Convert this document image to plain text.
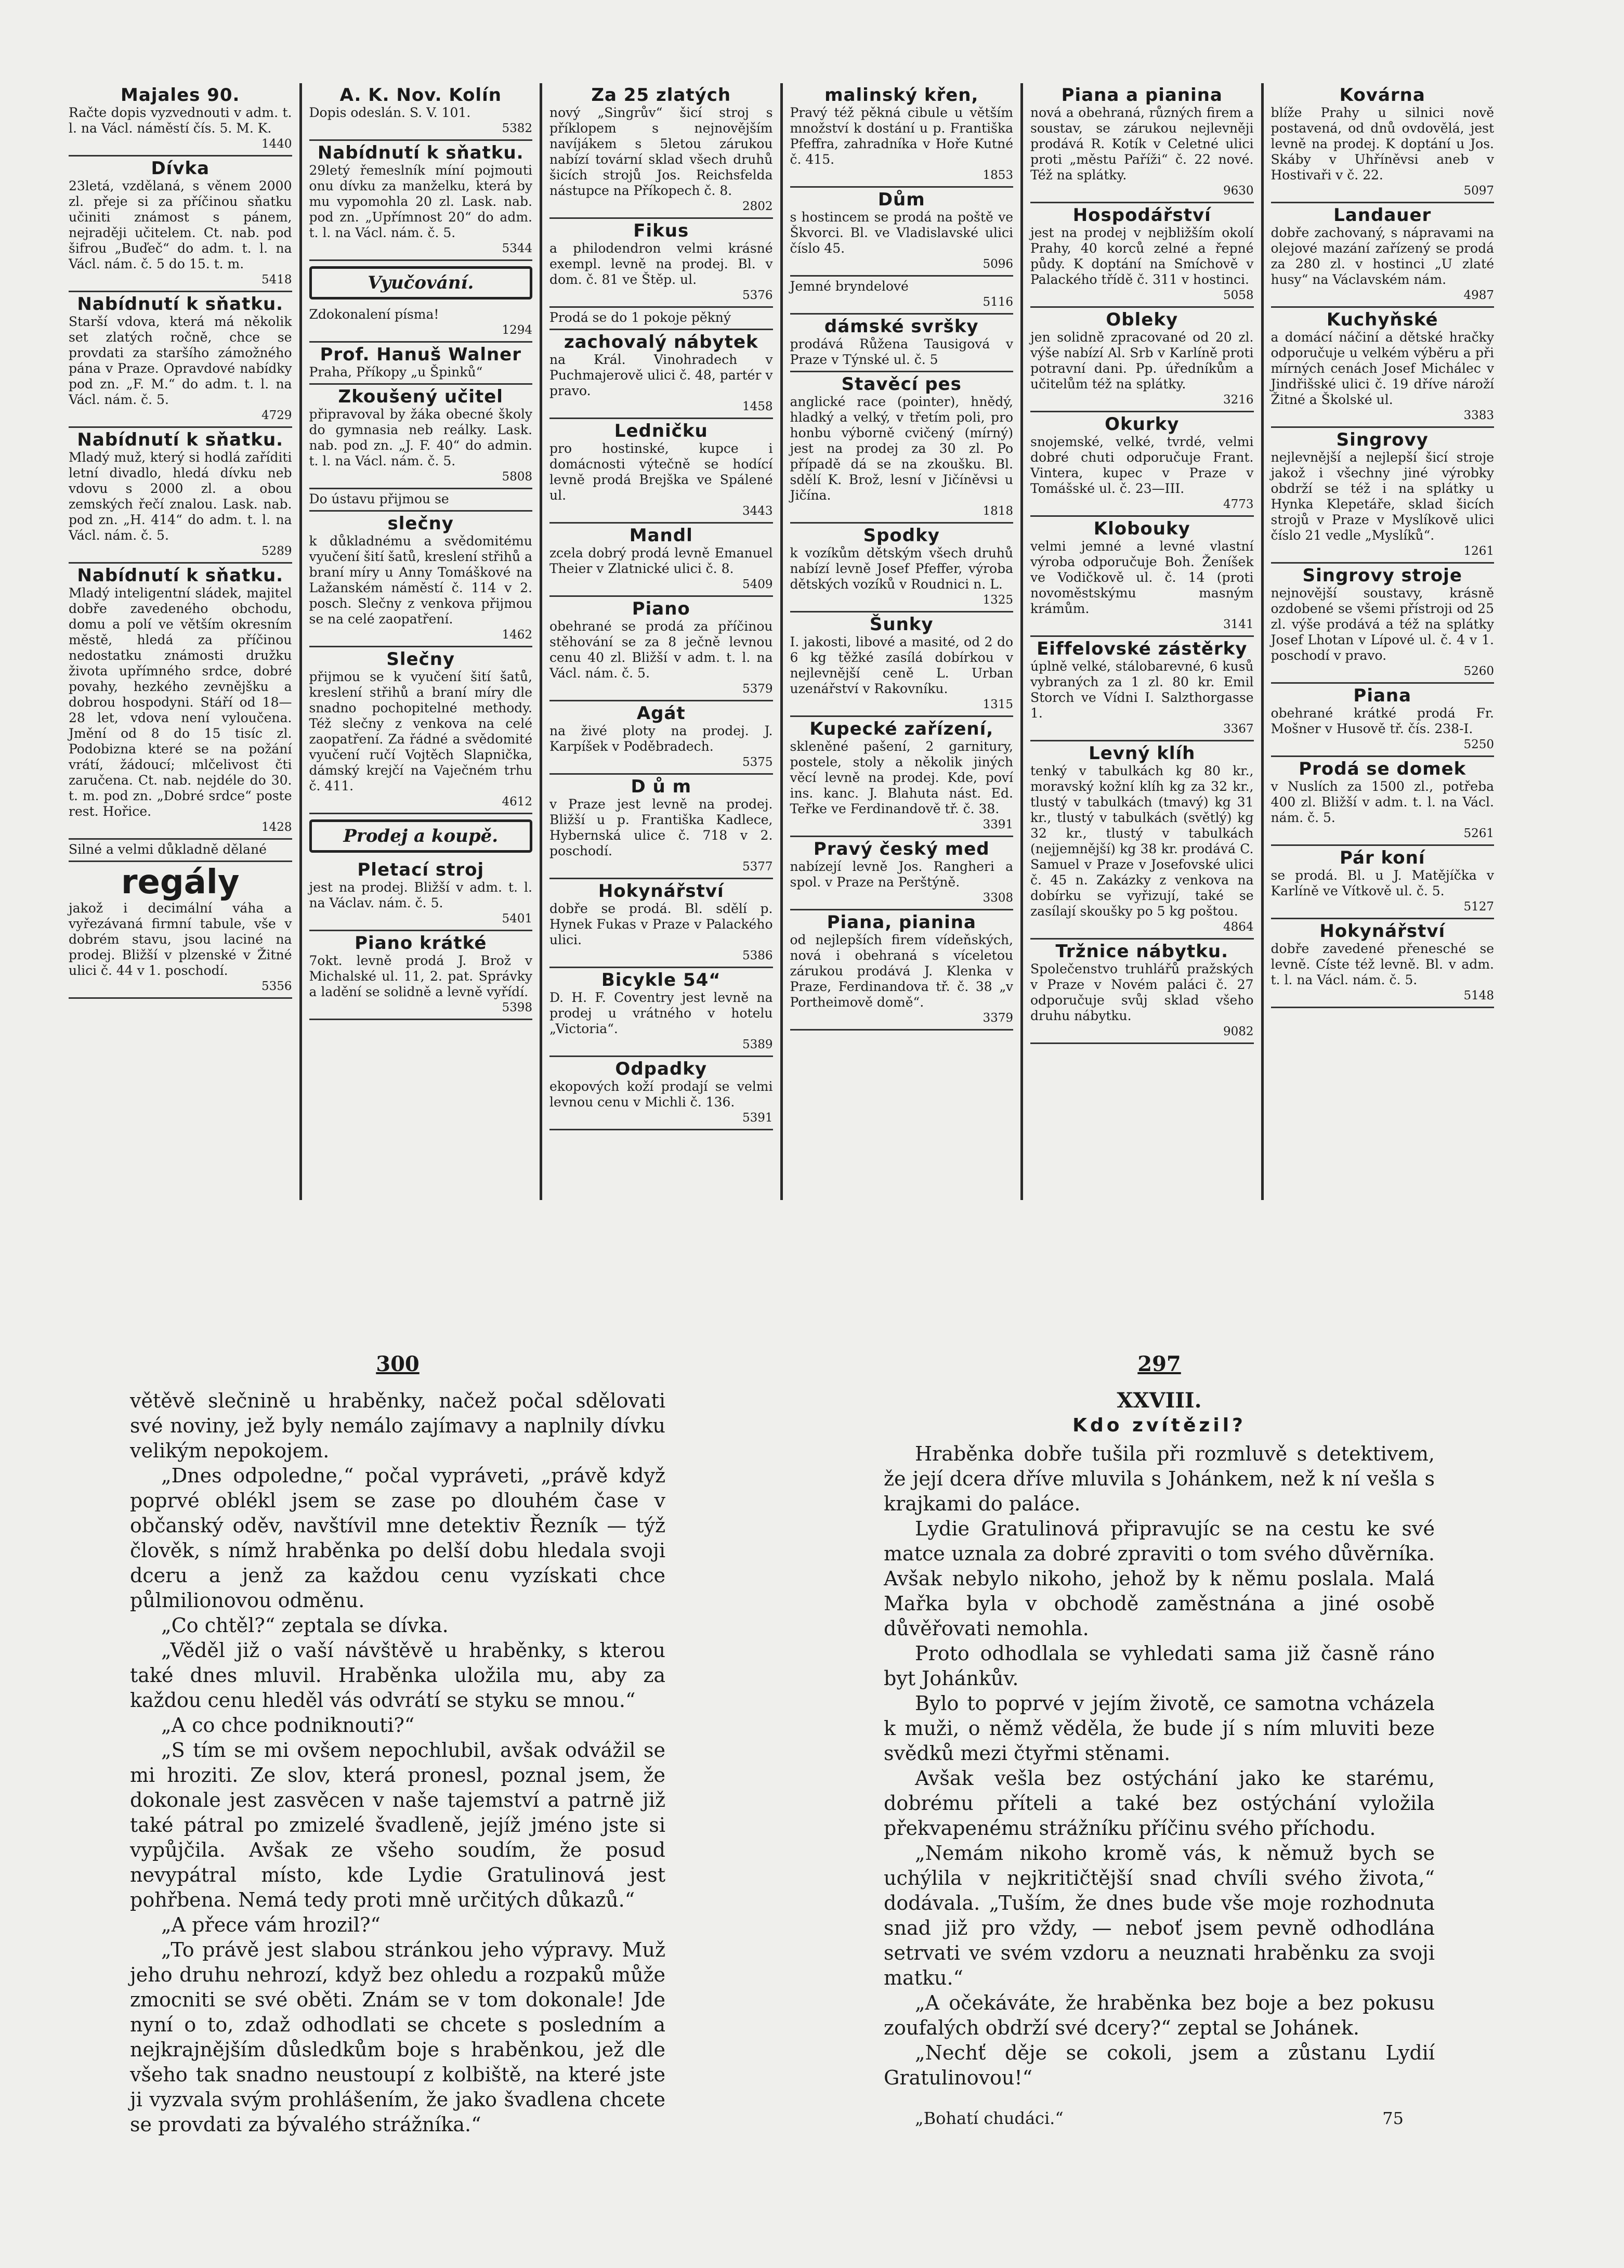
Majales 90.
Račte dopis vyzvednouti v adm. t. l. na Václ. náměstí čís. 5. M. K.
1440
Dívka
23letá, vzdělaná, s věnem 2000 zl. přeje si za příčinou sňatku učiniti známost s pánem, nejraději učitelem. Ct. nab. pod šifrou „Buďeč“ do adm. t. l. na Václ. nám. č. 5 do 15. t. m.
5418
Nabídnutí k sňatku.
Starší vdova, která má několik set zlatých ročně, chce se provdati za staršího zámožného pána v Praze. Opravdové nabídky pod zn. „F. M.“ do adm. t. l. na Václ. nám. č. 5.
4729
Nabídnutí k sňatku.
Mladý muž, který si hodlá zaříditi letní divadlo, hledá dívku neb vdovu s 2000 zl. a obou zemských řečí znalou. Lask. nab. pod zn. „H. 414“ do adm. t. l. na Václ. nám. č. 5.
5289
Nabídnutí k sňatku.
Mladý inteligentní sládek, majitel dobře zavedeného obchodu, domu a polí ve větším okresním městě, hledá za příčinou nedostatku známosti družku života upřímného srdce, dobré povahy, hezkého zevnějšku a dobrou hospodyni. Stáří od 18—28 let, vdova není vyloučena. Jmění od 8 do 15 tisíc zl. Podobizna které se na požání vrátí, žádoucí; mlčelivost čti zaručena. Ct. nab. nejdéle do 30. t. m. pod zn. „Dobré srdce“ poste rest. Hořice.
1428
Silné a velmi důkladně dělané
regály
jakož i decimální váha a vyřezávaná firmní tabule, vše v dobrém stavu, jsou laciné na prodej. Bližší v plzenské v Žitné ulici č. 44 v 1. poschodí.
5356
A. K. Nov. Kolín
Dopis odeslán. S. V. 101.
5382
Nabídnutí k sňatku.
29letý řemeslník míní pojmouti onu dívku za manželku, která by mu vypomohla 20 zl. Lask. nab. pod zn. „Upřímnost 20“ do adm. t. l. na Václ. nám. č. 5.
5344
Vyučování.
Zdokonalení písma!
1294
Prof. Hanuš Walner
Praha, Příkopy „u Špinků“
Zkoušený učitel
připravoval by žáka obecné školy do gymnasia neb reálky. Lask. nab. pod zn. „J. F. 40“ do admin. t. l. na Václ. nám. č. 5.
5808
Do ústavu přijmou se
slečny
k důkladnému a svědomitému vyučení šití šatů, kreslení střihů a braní míry u Anny Tomáškové na Lažanském náměstí č. 114 v 2. posch. Slečny z venkova přijmou se na celé zaopatření.
1462
Slečny
přijmou se k vyučení šití šatů, kreslení střihů a braní míry dle snadno pochopitelné methody. Též slečny z venkova na celé zaopatření. Za řádné a svědomité vyučení ručí Vojtěch Slapnička, dámský krejčí na Vaječném trhu č. 411.
4612
Prodej a koupě.
Pletací stroj
jest na prodej. Bližší v adm. t. l. na Václav. nám. č. 5.
5401
Piano krátké
7okt. levně prodá J. Brož v Michalské ul. 11, 2. pat. Správky a ladění se solidně a levně vyřídí.
5398
Za 25 zlatých
nový „Singrův“ šicí stroj s příklopem s nejnovějším navíjákem s 5letou zárukou nabízí tovární sklad všech druhů šicích strojů Jos. Reichsfelda nástupce na Příkopech č. 8.
2802
Fikus
a philodendron velmi krásné exempl. levně na prodej. Bl. v dom. č. 81 ve Štěp. ul.
5376
Prodá se do 1 pokoje pěkný
zachovalý nábytek
na Král. Vinohradech v Puchmajerově ulici č. 48, partér v pravo.
1458
Ledničku
pro hostinské, kupce i domácnosti výtečně se hodící levně prodá Brejška ve Spálené ul.
3443
Mandl
zcela dobrý prodá levně Emanuel Theier v Zlatnické ulici č. 8.
5409
Piano
obehrané se prodá za příčinou stěhování se za 8 ječně levnou cenu 40 zl. Bližší v adm. t. l. na Václ. nám. č. 5.
5379
Agát
na živé ploty na prodej. J. Karpíšek v Poděbradech.
5375
D ů m
v Praze jest levně na prodej. Bližší u p. Františka Kadlece, Hybernská ulice č. 718 v 2. poschodí.
5377
Hokynářství
dobře se prodá. Bl. sdělí p. Hynek Fukas v Praze v Palackého ulici.
5386
Bicykle 54“
D. H. F. Coventry jest levně na prodej u vrátného v hotelu „Victoria“.
5389
Odpadky
ekopových koží prodají se velmi levnou cenu v Michli č. 136.
5391
malinský křen,
Pravý též pěkná cibule u větším množství k dostání u p. Františka Pfeffra, zahradníka v Hoře Kutné č. 415.
1853
Dům
s hostincem se prodá na poště ve Škvorci. Bl. ve Vladislavské ulici číslo 45.
5096
Jemné bryndelové
5116
dámské svršky
prodává Růžena Tausigová v Praze v Týnské ul. č. 5
Stavěcí pes
anglické race (pointer), hnědý, hladký a velký, v třetím poli, pro honbu výborně cvičený (mírný) jest na prodej za 30 zl. Po případě dá se na zkoušku. Bl. sdělí K. Brož, lesní v Jičíněvsi u Jičína.
1818
Spodky
k vozíkům dětským všech druhů nabízí levně Josef Pfeffer, výroba dětských vozíků v Roudnici n. L.
1325
Šunky
I. jakosti, libové a masité, od 2 do 6 kg těžké zasílá dobírkou v nejlevnější ceně L. Urban uzenářství v Rakovníku.
1315
Kupecké zařízení,
skleněné pašení, 2 garnitury, postele, stoly a několik jiných věcí levně na prodej. Kde, poví ins. kanc. J. Blahuta nást. Ed. Teřke ve Ferdinandově tř. č. 38.
3391
Pravý český med
nabízejí levně Jos. Rangheri a spol. v Praze na Perštýně.
3308
Piana, pianina
od nejlepších firem vídeňských, nová i obehraná s víceletou zárukou prodává J. Klenka v Praze, Ferdinandova tř. č. 38 „v Portheimově domě“.
3379
Piana a pianina
nová a obehraná, různých firem a soustav, se zárukou nejlevněji prodává R. Kotík v Celetné ulici proti „městu Paříži“ č. 22 nové. Též na splátky.
9630
Hospodářství
jest na prodej v nejbližším okolí Prahy, 40 korců zelné a řepné půdy. K doptání na Smíchově v Palackého třídě č. 311 v hostinci.
5058
Obleky
jen solidně zpracované od 20 zl. výše nabízí Al. Srb v Karlíně proti potravní dani. Pp. úředníkům a učitelům též na splátky.
3216
Okurky
snojemské, velké, tvrdé, velmi dobré chuti odporučuje Frant. Vintera, kupec v Praze v Tomášské ul. č. 23—III.
4773
Klobouky
velmi jemné a levné vlastní výroba odporučuje Boh. Ženíšek ve Vodičkově ul. č. 14 (proti novoměstskýmu masným krámům.
3141
Eiffelovské zástěrky
úplně velké, stálobarevné, 6 kusů vybraných za 1 zl. 80 kr. Emil Storch ve Vídni I. Salzthorgasse 1.
3367
Levný klíh
tenký v tabulkách kg 80 kr., moravský kožní klíh kg za 32 kr., tlustý v tabulkách (tmavý) kg 31 kr., tlustý v tabulkách (světlý) kg 32 kr., tlustý v tabulkách (nejjemnější) kg 38 kr. prodává C. Samuel v Praze v Josefovské ulici č. 45 n. Zakázky z venkova na dobírku se vyřizují, také se zasílají skoušky po 5 kg poštou.
4864
Tržnice nábytku.
Společenstvo truhlářů pražských v Praze v Novém paláci č. 27 odporučuje svůj sklad všeho druhu nábytku.
9082
Kovárna
blíže Prahy u silnici nově postavená, od dnů ovdovělá, jest levně na prodej. K doptání u Jos. Skáby v Uhříněvsi aneb v Hostivaři v č. 22.
5097
Landauer
dobře zachovaný, s nápravami na olejové mazání zařízený se prodá za 280 zl. v hostinci „U zlaté husy“ na Václavském nám.
4987
Kuchyňské
a domácí náčiní a dětské hračky odporučuje u velkém výběru a při mírných cenách Josef Michálec v Jindřišské ulici č. 19 dříve nároží Žitné a Školské ul.
3383
Singrovy
nejlevnější a nejlepší šicí stroje jakož i všechny jiné výrobky obdrží se též i na splátky u Hynka Klepetáře, sklad šicích strojů v Praze v Myslíkově ulici číslo 21 vedle „Myslíků“.
1261
Singrovy stroje
nejnovější soustavy, krásně ozdobené se všemi přístroji od 25 zl. výše prodává a též na splátky Josef Lhotan v Lípové ul. č. 4 v 1. poschodí v pravo.
5260
Piana
obehrané krátké prodá Fr. Mošner v Husově tř. čís. 238-I.
5250
Prodá se domek
v Nuslích za 1500 zl., potřeba 400 zl. Bližší v adm. t. l. na Václ. nám. č. 5.
5261
Pár koní
se prodá. Bl. u J. Matějíčka v Karlíně ve Vítkově ul. č. 5.
5127
Hokynářství
dobře zavedené přenesché se levně. Císte též levně. Bl. v adm. t. l. na Václ. nám. č. 5.
5148
300

větěvě slečnině u hraběnky, načež počal sdělovati své noviny, jež byly nemálo zajímavy a naplnily dívku velikým nepokojem.

„Dnes odpoledne,“ počal vypráveti, „právě když poprvé oblékl jsem se zase po dlouhém čase v občanský oděv, navštívil mne detektiv Řezník — týž člověk, s nímž hraběnka po delší dobu hledala svoji dceru a jenž za každou cenu vyzískati chce půlmilionovou odměnu.

„Co chtěl?“ zeptala se dívka.

„Věděl již o vaší návštěvě u hraběnky, s kterou také dnes mluvil. Hraběnka uložila mu, aby za každou cenu hleděl vás odvrátí se styku se mnou.“

„A co chce podniknouti?“

„S tím se mi ovšem nepochlubil, avšak odvážil se mi hroziti. Ze slov, která pronesl, poznal jsem, že dokonale jest zasvěcen v naše tajemství a patrně již také pátral po zmizelé švadleně, jejíž jméno jste si vypůjčila. Avšak ze všeho soudím, že posud nevypátral místo, kde Lydie Gratulinová jest pohřbena. Nemá tedy proti mně určitých důkazů.“

„A přece vám hrozil?“

„To právě jest slabou stránkou jeho výpravy. Muž jeho druhu nehrozí, když bez ohledu a rozpaků může zmocniti se své oběti. Znám se v tom dokonale! Jde nyní o to, zdaž odhodlati se chcete s posledním a nejkrajnějším důsledkům boje s hraběnkou, jež dle všeho tak snadno neustoupí z kolbiště, na které jste ji vyzvala svým prohlášením, že jako švadlena chcete se provdati za bývalého strážníka.“

297
XXVIII.
Kdo zvítězil?

Hraběnka dobře tušila při rozmluvě s detektivem, že její dcera dříve mluvila s Johánkem, než k ní vešla s krajkami do paláce.

Lydie Gratulinová připravujíc se na cestu ke své matce uznala za dobré zpraviti o tom svého důvěrníka. Avšak nebylo nikoho, jehož by k němu poslala. Malá Mařka byla v obchodě zaměstnána a jiné osobě důvěřovati nemohla.

Proto odhodlala se vyhledati sama již časně ráno byt Johánkův.

Bylo to poprvé v jejím životě, ce samotna vcházela k muži, o němž věděla, že bude jí s ním mluviti beze svědků mezi čtyřmi stěnami.

Avšak vešla bez ostýchání jako ke starému, dobrému příteli a také bez ostýchání vyložila překvapenému strážníku příčinu svého příchodu.

„Nemám nikoho kromě vás, k němuž bych se uchýlila v nejkritičtější snad chvíli svého života,“ dodávala. „Tuším, že dnes bude vše moje rozhodnuta snad již pro vždy, — neboť jsem pevně odhodlána setrvati ve svém vzdoru a neuznati hraběnku za svoji matku.“

„A očekáváte, že hraběnka bez boje a bez pokusu zoufalých obdrží své dcery?“ zeptal se Johánek.

„Nechť děje se cokoli, jsem a zůstanu Lydií Gratulinovou!“

„Bohatí chudáci.“	75
